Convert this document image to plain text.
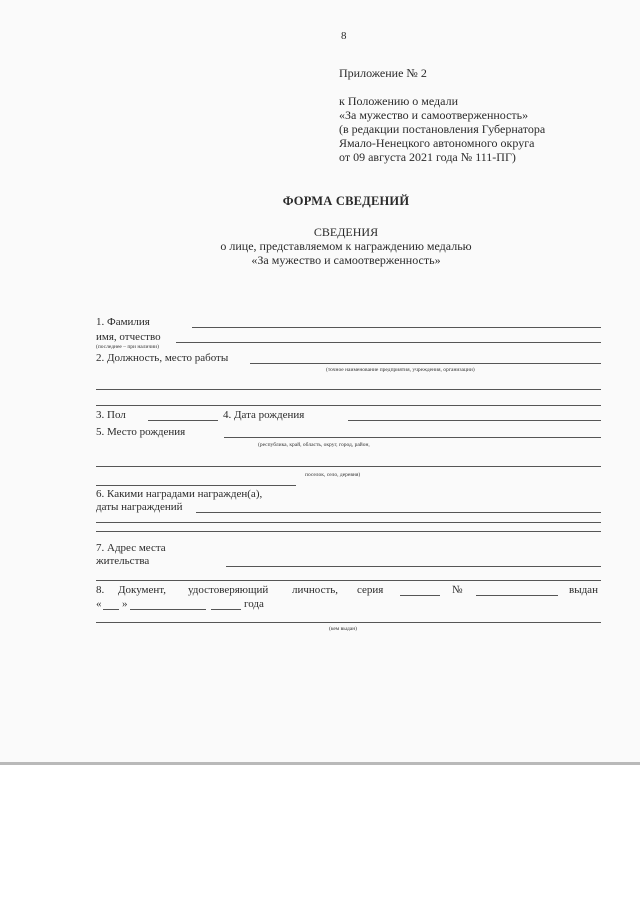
8
Приложение № 2
к Положению о медали
«За мужество и самоотверженность»
(в редакции постановления Губернатора
Ямало-Ненецкого автономного округа
от 09 августа 2021 года № 111-ПГ)
ФОРМА СВЕДЕНИЙ
СВЕДЕНИЯ
о лице, представляемом к награждению медалью
«За мужество и самоотверженность»
1. Фамилия
имя, отчество
(последнее – при наличии)
2. Должность, место работы
(точное наименование предприятия, учреждения, организации)
3. Пол	4. Дата рождения
5. Место рождения
(республика, край, область, округ, город, район,
поселок, село, деревня)
6. Какими наградами награжден(а),
даты награждений
7. Адрес места
жительства
8. Документ, удостоверяющий личность, серия	№	выдан
« »	года
(кем выдан)
